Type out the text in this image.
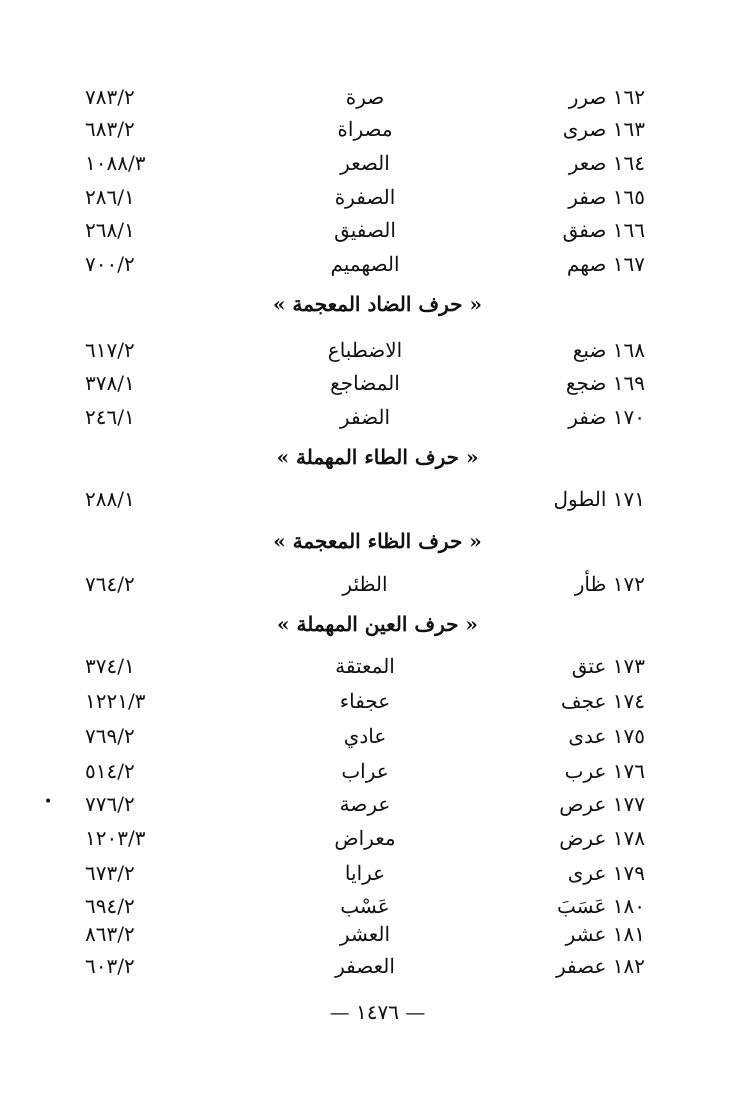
١٦٢ صرر
صرة
٧٨٣/٢
١٦٣ صرى
مصراة
٦٨٣/٢
١٦٤ صعر
الصعر
١٠٨٨/٣
١٦٥ صفر
الصفرة
٢٨٦/١
١٦٦ صفق
الصفيق
٢٦٨/١
١٦٧ صهم
الصهميم
٧٠٠/٢
« حرف الضاد المعجمة »
١٦٨ ضبع
الاضطباع
٦١٧/٢
١٦٩ ضجع
المضاجع
٣٧٨/١
١٧٠ ضفر
الضفر
٢٤٦/١
« حرف الطاء المهملة »
١٧١ الطول
٢٨٨/١
« حرف الظاء المعجمة »
١٧٢ ظأر
الظئر
٧٦٤/٢
« حرف العين المهملة »
١٧٣ عتق
المعتقة
٣٧٤/١
١٧٤ عجف
عجفاء
١٢٢١/٣
١٧٥ عدى
عادي
٧٦٩/٢
١٧٦ عرب
عراب
٥١٤/٢
١٧٧ عرص
عرصة
٧٧٦/٢
١٧٨ عرض
معراض
١٢٠٣/٣
١٧٩ عرى
عرايا
٦٧٣/٢
١٨٠ عَسَبَ
عَسْب
٦٩٤/٢
١٨١ عشر
العشر
٨٦٣/٢
١٨٢ عصفر
العصفر
٦٠٣/٢
•
— ١٤٧٦ —
